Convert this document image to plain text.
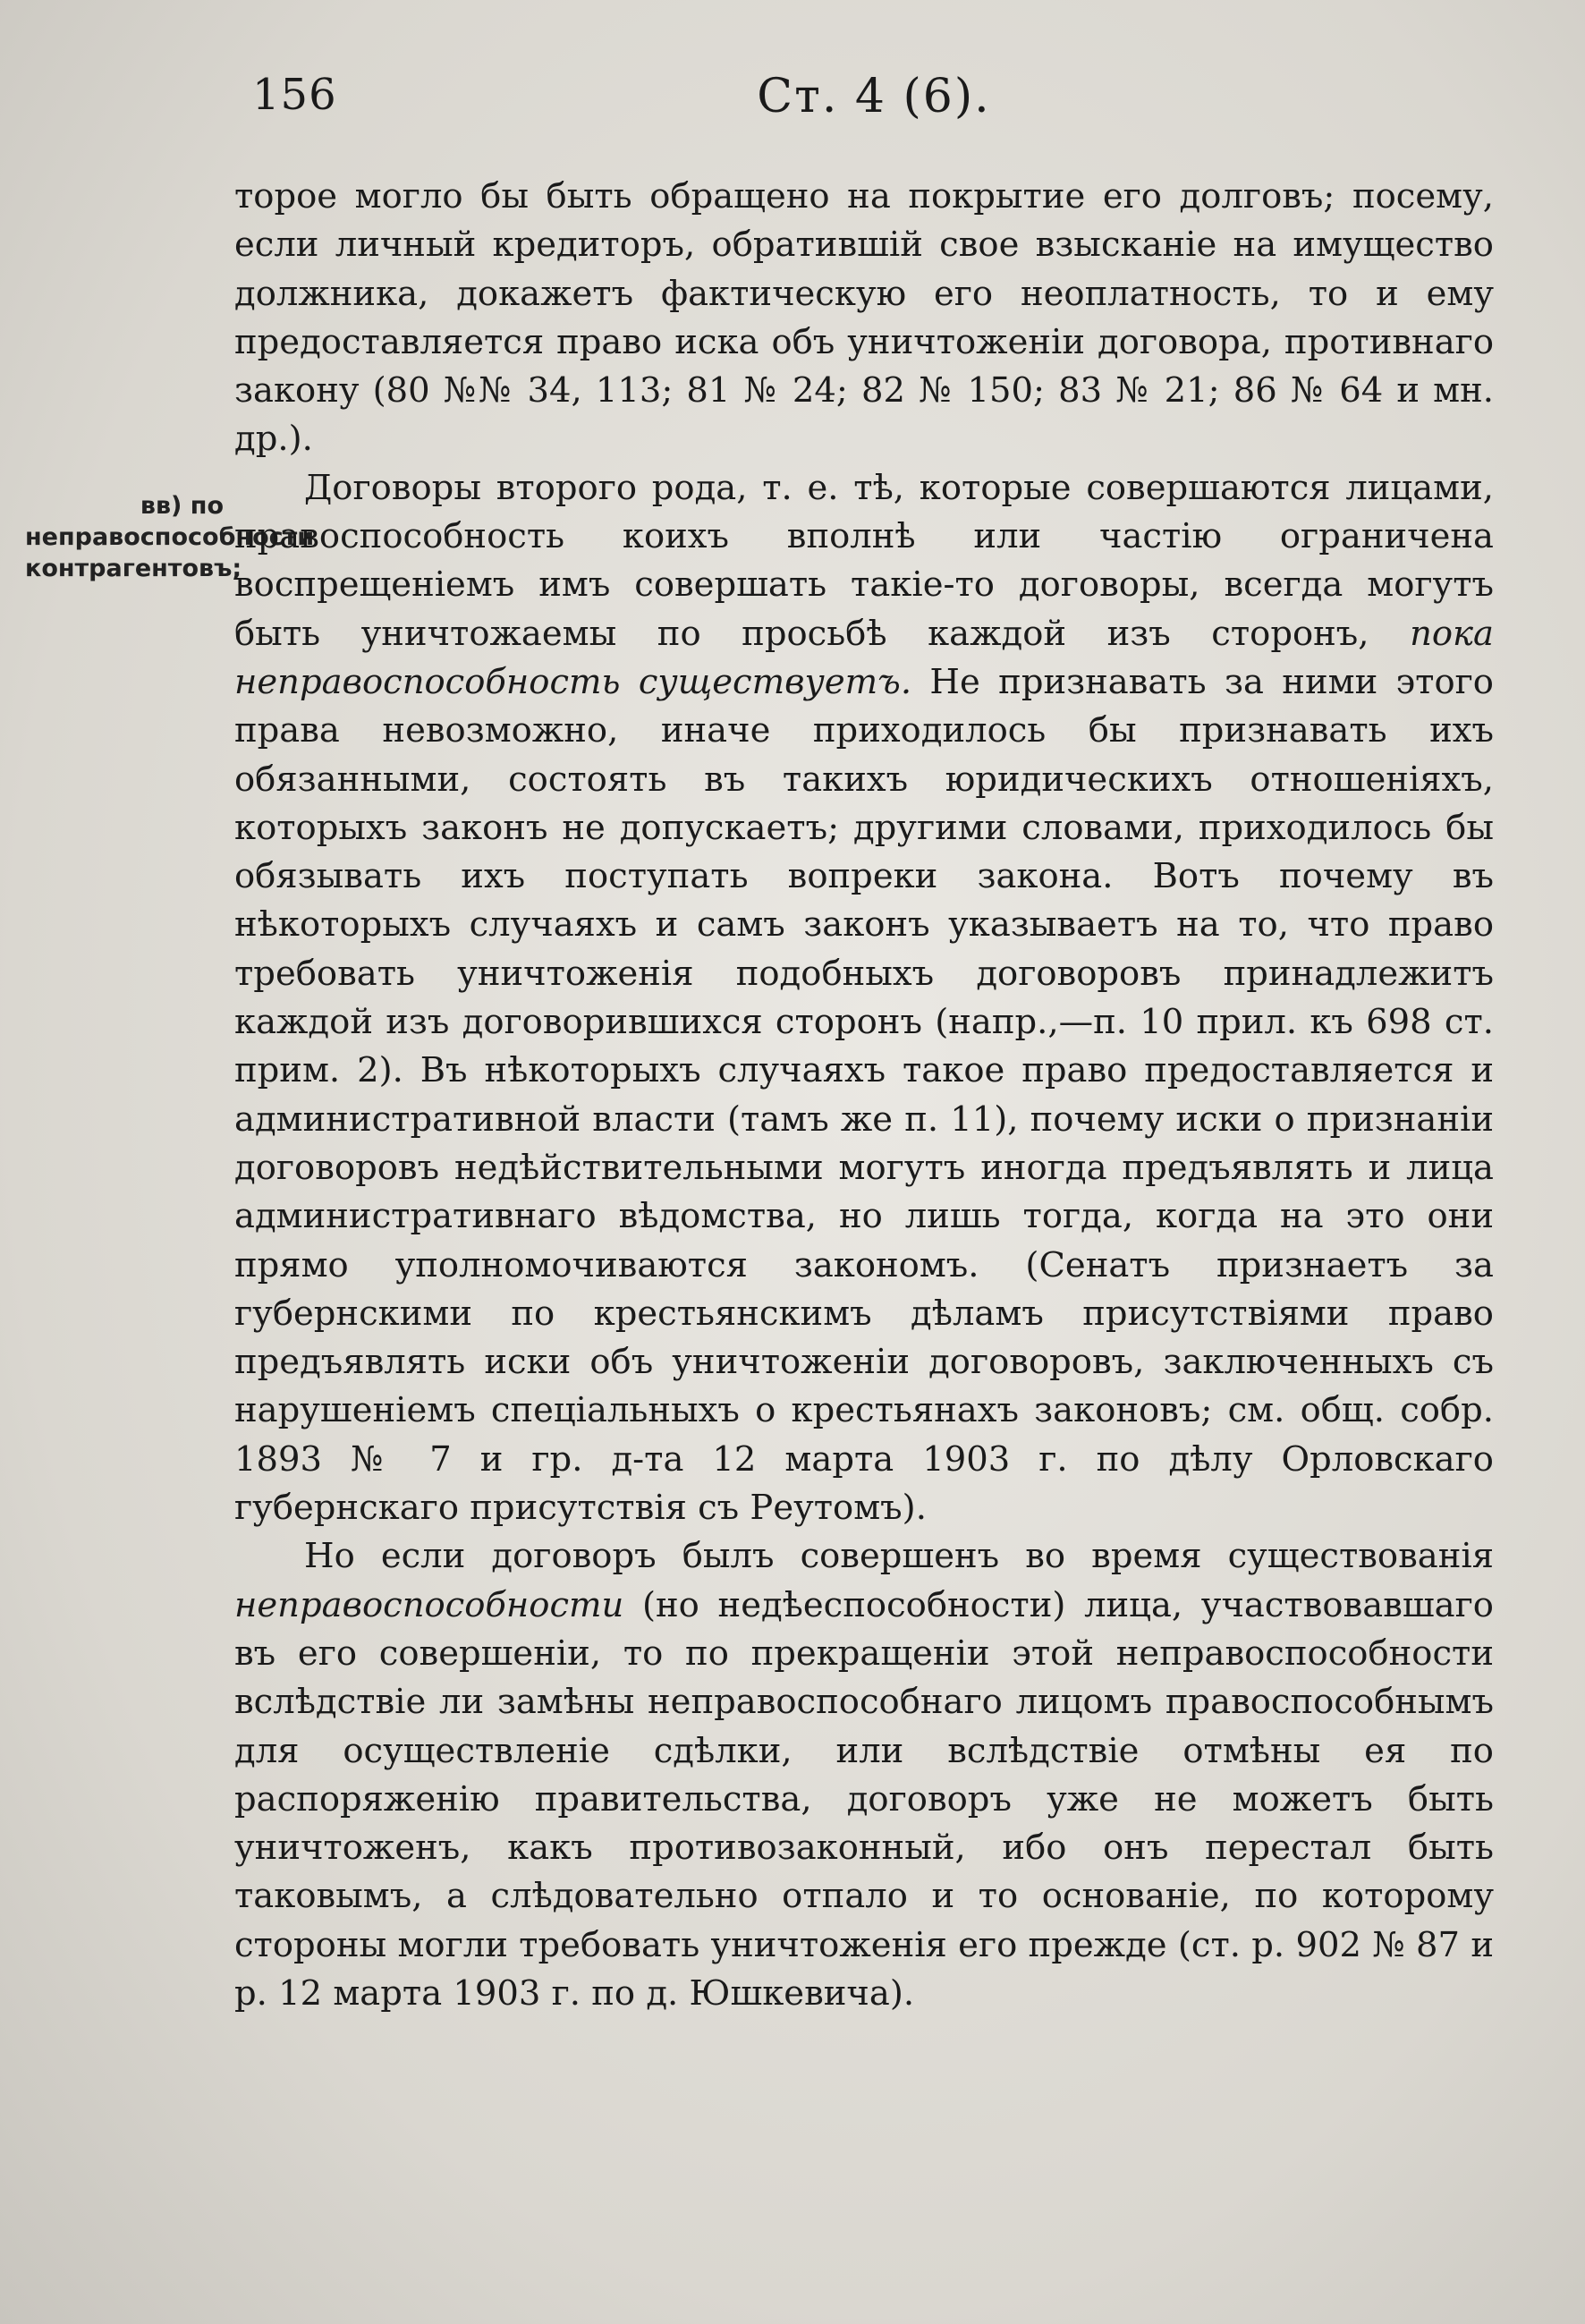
156	Ст. 4 (6).
вв) по неправоспособности контрагентовъ;

торое могло бы быть обращено на покрытие его долговъ; посему, если личный кредиторъ, обратившій свое взысканіе на имущество должника, докажетъ фактическую его неоплатность, то и ему предоставляется право иска объ уничтоженіи договора, противнаго закону (80 №№ 34, 113; 81 № 24; 82 № 150; 83 № 21; 86 № 64 и мн. др.).

Договоры второго рода, т. е. тѣ, которые совершаются лицами, правоспособность коихъ вполнѣ или частію ограничена воспрещеніемъ имъ совершать такіе-то договоры, всегда могутъ быть уничтожаемы по просьбѣ каждой изъ сторонъ, пока неправоспособность существуетъ. Не признавать за ними этого права невозможно, иначе приходилось бы признавать ихъ обязанными, состоять въ такихъ юридическихъ отношеніяхъ, которыхъ законъ не допускаетъ; другими словами, приходилось бы обязывать ихъ поступать вопреки закона. Вотъ почему въ нѣкоторыхъ случаяхъ и самъ законъ указываетъ на то, что право требовать уничтоженія подобныхъ договоровъ принадлежитъ каждой изъ договорившихся сторонъ (напр.,—п. 10 прил. къ 698 ст. прим. 2). Въ нѣкоторыхъ случаяхъ такое право предоставляется и административной власти (тамъ же п. 11), почему иски о признаніи договоровъ недѣйствительными могутъ иногда предъявлять и лица административнаго вѣдомства, но лишь тогда, когда на это они прямо уполномочиваются закономъ. (Сенатъ признаетъ за губернскими по крестьянскимъ дѣламъ присутствіями право предъявлять иски объ уничтоженіи договоровъ, заключенныхъ съ нарушеніемъ спеціальныхъ о крестьянахъ законовъ; см. общ. собр. 1893 № 7 и гр. д-та 12 марта 1903 г. по дѣлу Орловскаго губернскаго присутствія съ Реутомъ).

Но если договоръ былъ совершенъ во время существованія неправоспособности (но недѣеспособности) лица, участвовавшаго въ его совершеніи, то по прекращеніи этой неправоспособности вслѣдствіе ли замѣны неправоспособнаго лицомъ правоспособнымъ для осуществленіе сдѣлки, или вслѣдствіе отмѣны ея по распоряженію правительства, договоръ уже не можетъ быть уничтоженъ, какъ противозаконный, ибо онъ перестал быть таковымъ, а слѣдовательно отпало и то основаніе, по которому стороны могли требовать уничтоженія его прежде (ст. р. 902 № 87 и р. 12 марта 1903 г. по д. Юшкевича).
